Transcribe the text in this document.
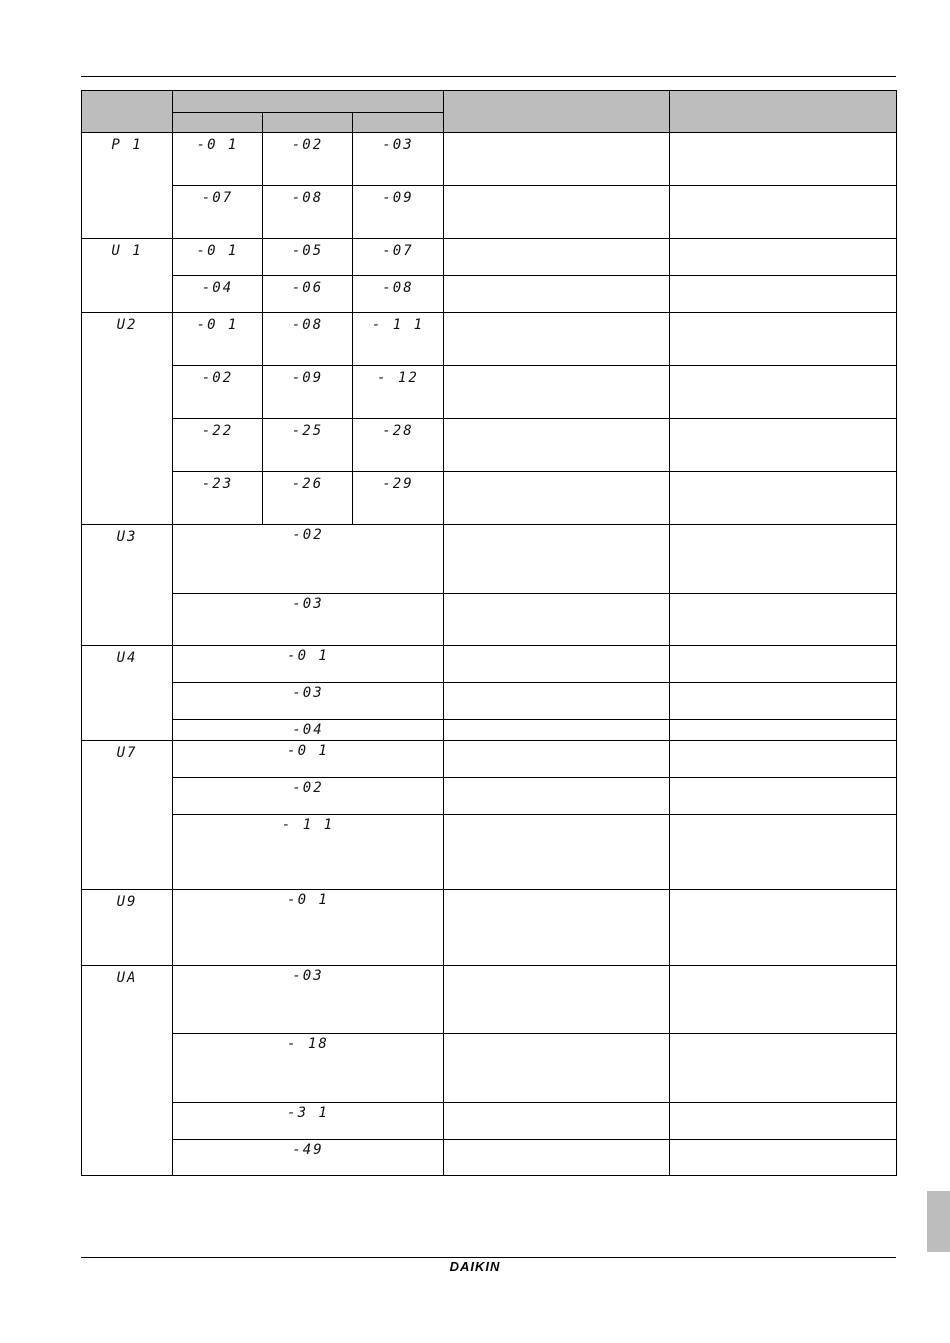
P 1	-0 1	-02	-03		
	-07	-08	-09		
U 1	-0 1	-05	-07		
	-04	-06	-08		
U2	-0 1	-08	- 1 1		
	-02	-09	- 12		
	-22	-25	-28		
	-23	-26	-29		
U3	-02				
	-03				
U4	-0 1				
	-03				
	-04				
U7	-0 1				
	-02				
	- 1 1				
U9	-0 1				
UA	-03				
	- 18				
	-3 1				
	-49				
DAIKIN
